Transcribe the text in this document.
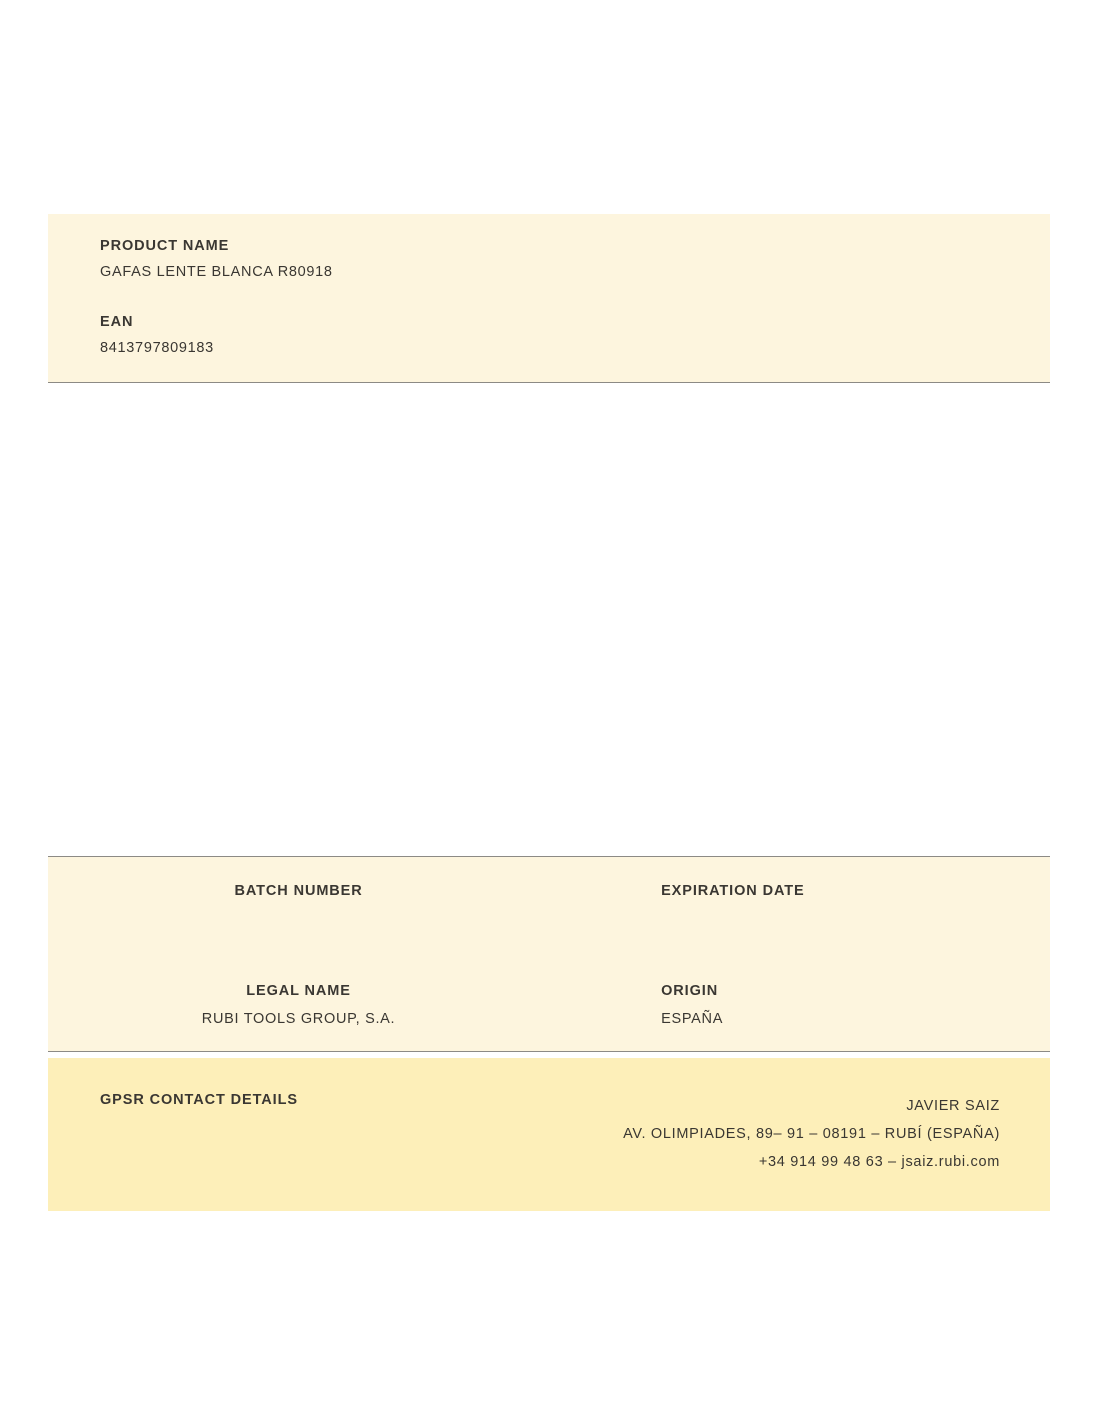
PRODUCT NAME
GAFAS LENTE BLANCA R80918
EAN
8413797809183
BATCH NUMBER	EXPIRATION DATE
LEGAL NAME
RUBI TOOLS GROUP, S.A.
ORIGIN
ESPAÑA
GPSR CONTACT DETAILS	JAVIER SAIZ
AV. OLIMPIADES, 89– 91 – 08191 – RUBÍ (ESPAÑA)
+34 914 99 48 63 – jsaiz.rubi.com
